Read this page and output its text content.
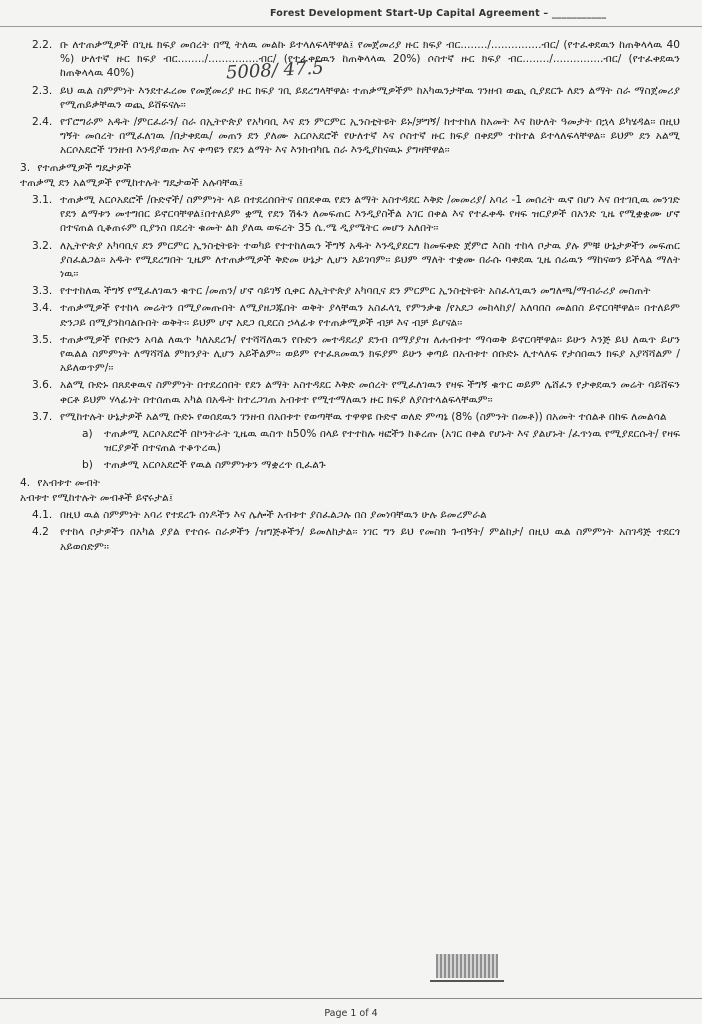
Forest Development Start-Up Capital Agreement – ___________
5008/ 47.5
2.2. ቡ ለተጠቃሚዎች በጊዜ ክፍያ መሰረት በሚ ትለዉ መልኩ ይተላለፍላቸዋል፤ የመጀመሪያ ዙር ክፍያ ብር......../...............ብር/ (የተፈቀደዉን ከጠቅላላዉ 40 %) ሁለተኛ ዙር ክፍያ ብር......../...............ብር/ (የተፈቀደዉን ከጠቅላላዉ 20%) ሶስተኛ ዙር ክፍያ ብር......../...............ብር/ (የተፈቀደዉን ከጠቅላላዉ 40%)
2.3. ይህ ዉል ስምምነት እንደተፈረመ የመጀመሪያ ዙር ክፍያ ገቢ ይደረግላቸዋል፡ ተጠቃሚዎችም ከአካዉንታቸዉ ገንዘብ ወጪ ሲያደርጉ ለደን ልማት ስራ ማስጀመሪያ የሚጠይቃቸዉን ወጪ ይሸፍናሉ፡፡
2.4. የፕሮግራም አዱት /ምርፈራን/ ስራ በኢትዮጵያ የአካባቢ እና ደን ምርምር ኢንስቲትዩት ይኑ/ቻግኝ/ ከተተከለ ከአመት እና ከሁለት ዓመታት በኋላ ይካሄዳል፡፡ በዚህ ግኝት መሰረት በሚፈለገዉ /በታቀደዉ/ መጠን ደን ያለሙ አርሶአደሮች የሁለተኛ እና ሶስተኛ ዙር ክፍያ በቀደም ተከተል ይተላለፍላቸዋል፡፡ ይህም ደን አልሚ አርሶአደሮች ገንዘብ እንዳያወጡ እና ቀጣዩን የደን ልማት እና እንክብካቤ ስራ እንዲያከናዉኑ ያግዛቸዋል፡፡
3. የተጠቃሚዎች ግዴታዎች
ተጠቃሚ ደን አልሚዎች የሚከተሉት ግዴታወች አሉባቸዉ፤
3.1. ተጠቃሚ አርሶአደሮች /ቡድኖች/ ስምምነት ላይ በተደረሰበትና በበደቀዉ የደን ልማት አስተዳደር እቅድ /መመሪያ/ አባሪ -1 መሰረት ዉኖ በሆነ እና በተገቢዉ መንገድ የደን ልማቱን መተግበር ይኖርባቸዋል፤በተለይም ቋሚ የደን ሽፋን ለመፍጠር እንዲያስችል አገር በቀል እና የተፈቀዱ የዛፍ ዝርያዎች በአንድ ጊዜ የሚቋቋሙ ሆኖ በተናጠል ሲቆጠሩም ቢያንስ በደረት ቁመት ልክ ያለዉ ወፍረት 35 ሴ.ሜ ዲያሜትር መሆን አለበት፡፡
3.2. ለኢትዮጵያ አካባቢና ደን ምርምር ኢንስቲትዩት ተወካይ የተተከለዉን ችግኝ አዱት እንዲያደርግ ከመፍቀድ ጀምሮ እስከ ተከላ ቦታዉ ያሉ ምቹ ሁኔታዎችን መፍጠር ያስፈልጋል፡፡ አዱት የሚደረግበት ጊዜም ለተጠቃሚዎች ቅድመ ሁኔታ ሊሆን አይገባም፡፡ ይህም ማለት ተቋሙ በራሱ ባቀደዉ ጊዜ ሰሬዉን ማከናወን ይችላል ማለት ነዉ፡፡
3.3. የተተከለዉ ችግኝ የሚፈለገዉን ቁጥር /መጠን/ ሆኖ ሳይገኝ ሲቀር ለኢትዮጵያ አካባቢና ደን ምርምር ኢንስቲትዩት አስፈላጊዉን መግለጫ/ማብራሪያ መስጠት
3.4. ተጠቃሚዎች የተከላ መሬትን በሚያመጡበት ለሚያዘጋጁበት ወቅት ያላቸዉን አስፈላጊ የምንቃቄ /የአደጋ መከላከያ/ አለባበስ መልበስ ይኖርባቸዋል፡፡ በተለይም ድንጋይ በሚያንከባልቡበት ወቅት፡፡ ይህም ሆኖ አደጋ ቢደርስ ኃላፊቱ የተጠቃሚዎች ብቻ እና ብቻ ይሆናል፡፡
3.5. ተጠቃሚዎች የቡድን አባል ለዉጥ ካለአደረጉ/ የተሻሻለዉን የቡድን መተዳደሪያ ደንብ በማያያዝ ለሐብቱተ ማሳወቅ ይኖርባቸዋል፡፡ ይሁን እንጅ ይህ ለዉጥ ይሆን የዉልል ስምምነት ለማሻሻል ምክንያት ሊሆን አይችልም፡፡ ወይም የተፈጸመዉን ክፍያም ይሁን ቀጣይ በአብቱተ ሰቡድኑ ሊተላለፍ የታሰበዉን ክፍያ አያሻሻልም /አይለወጥም/፡፡
3.6. አልሚ ቡድኑ በጸደቀዉና ስምምነት በተደረሰበት የደን ልማት አስተዳደር እቅድ መሰረት የሚፈለገዉን የዛፍ ችግኝ ቁጥር ወይም ሌሸፈን የታቀደዉን መሬት ሳይሸፍን ቀርቶ ይህም ሃላፊነት በተሰጠዉ አካል በአዱት ከተረጋገጠ አብቱተ የሚተማለዉን ዙር ክፍያ ለያስተላልፍላቸዉም፡፡
3.7. የሚከተሉት ሁኔታዎች አልሚ ቡድኑ የወሰደዉን ገንዘብ በአበቱተ የወጣቸዉ ተዋዋዩ ቡድኖ ወለድ ምጣኔ (8% (ስምንት በመቶ)) በአመት ተሰልቶ በከፍ ለመልሳል
a)	ተጠቃሚ አርሶአደሮች በኮንትራት ጊዜዉ ዉስጥ ከ50% በላይ የተተከሉ ዛፎችን ከቆረጡ (አገር በቀል የሆኑት እና ያልሆኑት /ፈጥነዉ የሚያደርሱት/ የዛፍ ዝርያዎች በተናጠል ተቆጥረዉ)
b)	ተጠቃሚ አርሶአደሮች የዉል ስምምነቱን ማቋረጥ ቢፈልጉ
4. የአብቱተ መብት
አብቱተ የሚከተሉት መብቶች ይኖሩታል፤
4.1. በዚህ ዉል ስምምነት አባሪ የተደረጉ ሰነዶችን እና ሌሎች አብቱተ ያስፈልጋሉ በስ ያመነባቸዉን ሁሉ ይመረምራል
4.2	የተከላ ቦታዎችን በአካል ያያል የተሰሩ ስራዎችን /ዝግጅቶችን/ ይመለከታል፡፡ ነገር ግን ይህ የመስክ ጉብኝት/ ምልከታ/ በዚህ ዉል ስምምነት አስገዳጅ ተደርጎ አይወሰድም፡፡
Page 1 of 4
